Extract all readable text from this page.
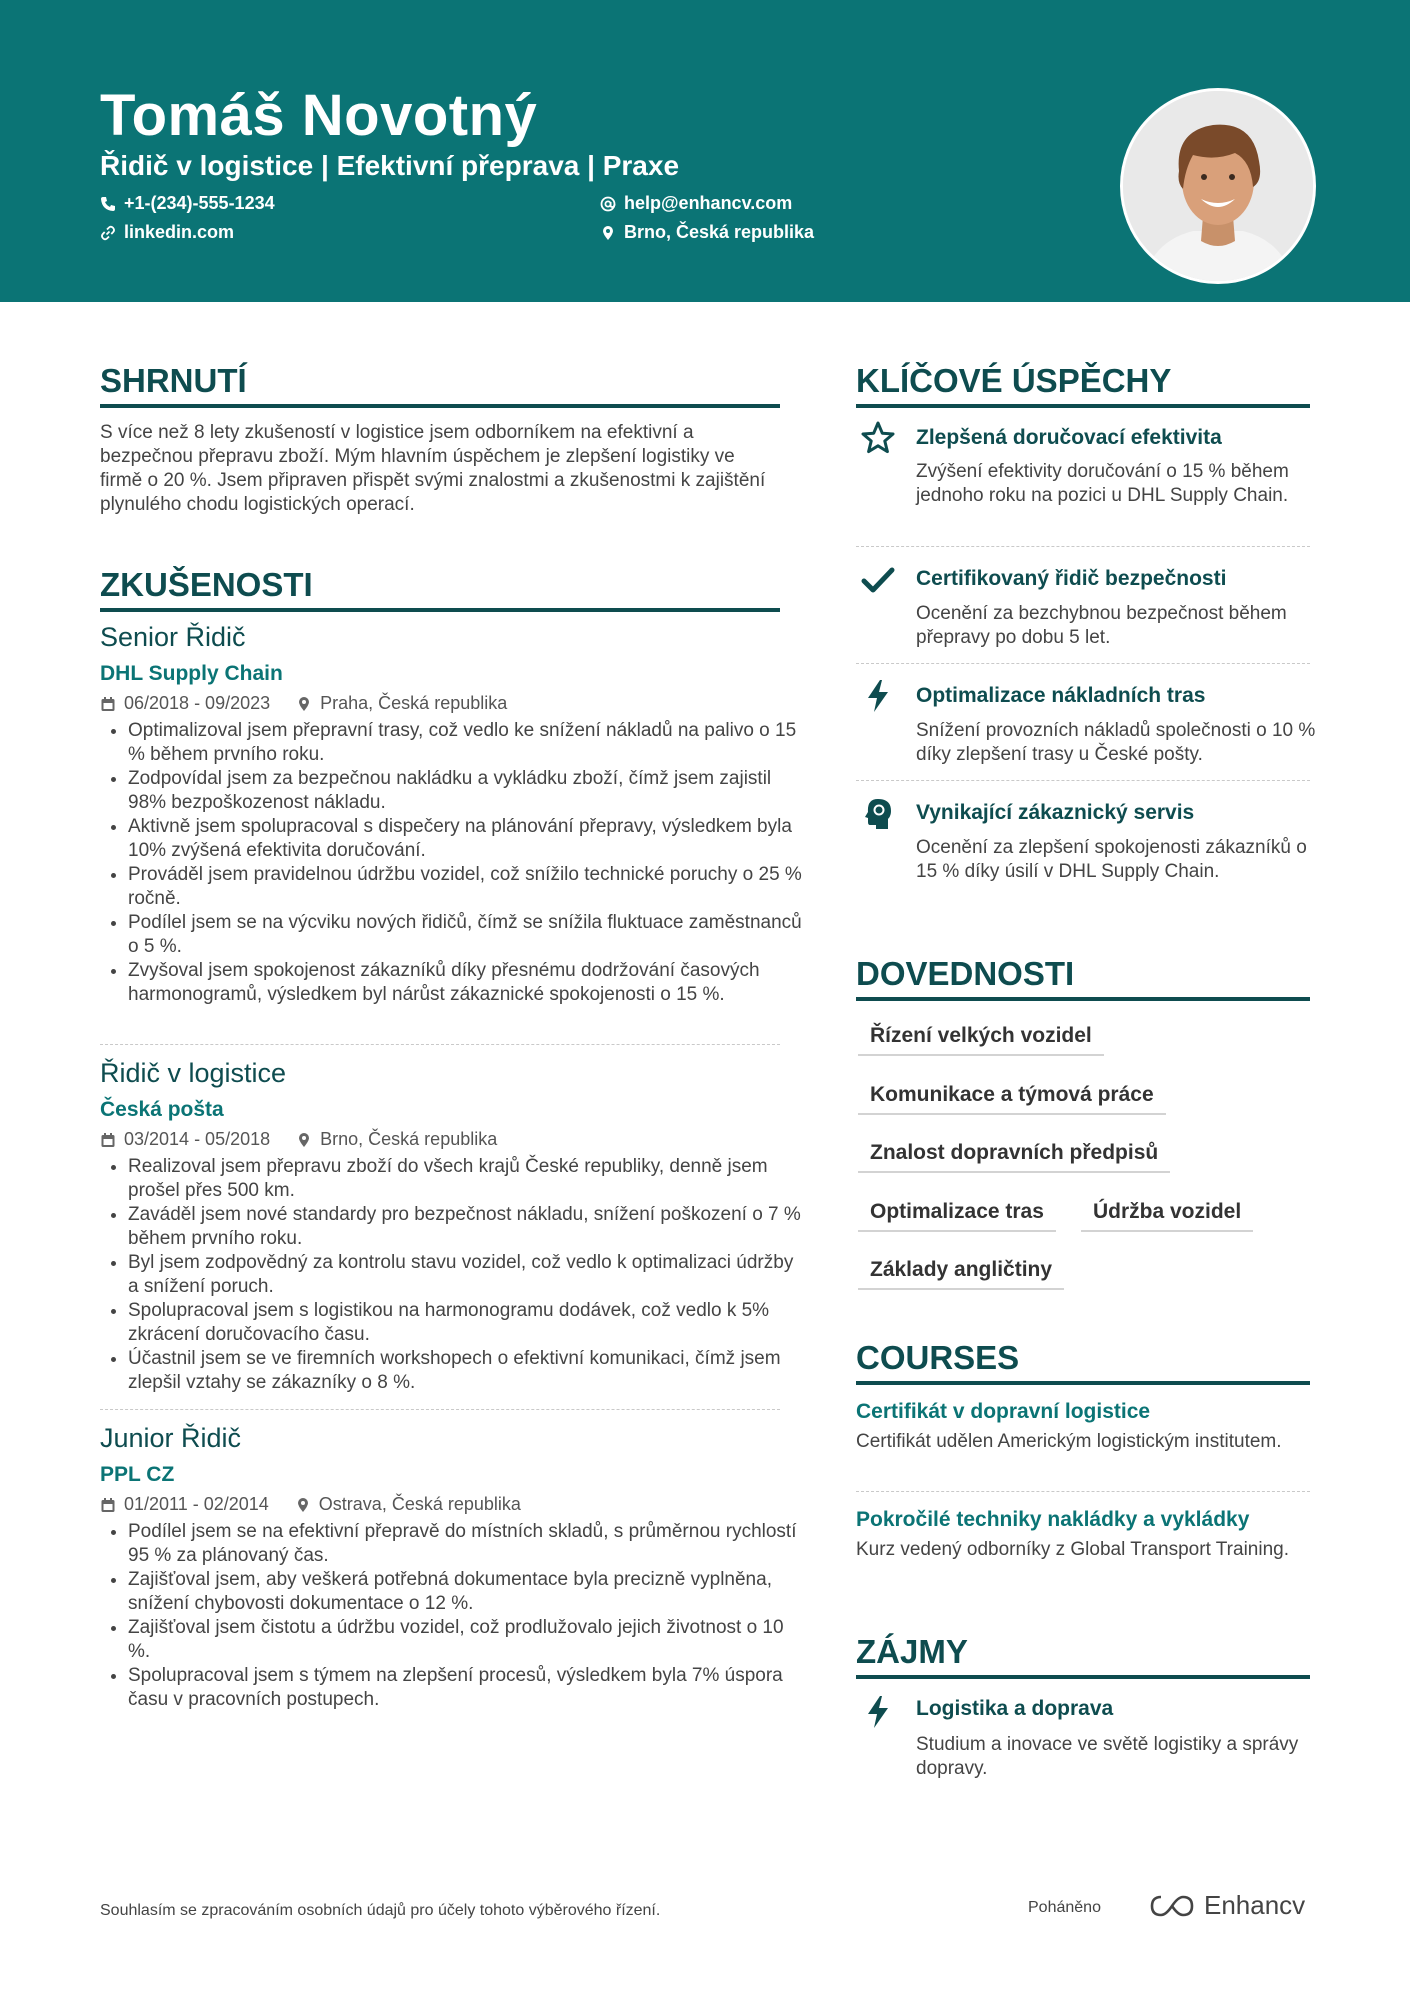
Tomáš Novotný
Řidič v logistice | Efektivní přeprava | Praxe
+1-(234)-555-1234	help@enhancv.com
linkedin.com	Brno, Česká republika
SHRNUTÍ
S více než 8 lety zkušeností v logistice jsem odborníkem na efektivní a bezpečnou přepravu zboží. Mým hlavním úspěchem je zlepšení logistiky ve firmě o 20 %. Jsem připraven přispět svými znalostmi a zkušenostmi k zajištění plynulého chodu logistických operací.
ZKUŠENOSTI
Senior Řidič
DHL Supply Chain
06/2018 - 09/2023	Praha, Česká republika
• Optimalizoval jsem přepravní trasy, což vedlo ke snížení nákladů na palivo o 15 % během prvního roku.
• Zodpovídal jsem za bezpečnou nakládku a vykládku zboží, čímž jsem zajistil 98% bezpoškozenost nákladu.
• Aktivně jsem spolupracoval s dispečery na plánování přepravy, výsledkem byla 10% zvýšená efektivita doručování.
• Prováděl jsem pravidelnou údržbu vozidel, což snížilo technické poruchy o 25 % ročně.
• Podílel jsem se na výcviku nových řidičů, čímž se snížila fluktuace zaměstnanců o 5 %.
• Zvyšoval jsem spokojenost zákazníků díky přesnému dodržování časových harmonogramů, výsledkem byl nárůst zákaznické spokojenosti o 15 %.
Řidič v logistice
Česká pošta
03/2014 - 05/2018	Brno, Česká republika
• Realizoval jsem přepravu zboží do všech krajů České republiky, denně jsem prošel přes 500 km.
• Zaváděl jsem nové standardy pro bezpečnost nákladu, snížení poškození o 7 % během prvního roku.
• Byl jsem zodpovědný za kontrolu stavu vozidel, což vedlo k optimalizaci údržby a snížení poruch.
• Spolupracoval jsem s logistikou na harmonogramu dodávek, což vedlo k 5% zkrácení doručovacího času.
• Účastnil jsem se ve firemních workshopech o efektivní komunikaci, čímž jsem zlepšil vztahy se zákazníky o 8 %.
Junior Řidič
PPL CZ
01/2011 - 02/2014	Ostrava, Česká republika
• Podílel jsem se na efektivní přepravě do místních skladů, s průměrnou rychlostí 95 % za plánovaný čas.
• Zajišťoval jsem, aby veškerá potřebná dokumentace byla precizně vyplněna, snížení chybovosti dokumentace o 12 %.
• Zajišťoval jsem čistotu a údržbu vozidel, což prodlužovalo jejich životnost o 10 %.
• Spolupracoval jsem s týmem na zlepšení procesů, výsledkem byla 7% úspora času v pracovních postupech.
KLÍČOVÉ ÚSPĚCHY
Zlepšená doručovací efektivita
Zvýšení efektivity doručování o 15 % během jednoho roku na pozici u DHL Supply Chain.
Certifikovaný řidič bezpečnosti
Ocenění za bezchybnou bezpečnost během přepravy po dobu 5 let.
Optimalizace nákladních tras
Snížení provozních nákladů společnosti o 10 % díky zlepšení trasy u České pošty.
Vynikající zákaznický servis
Ocenění za zlepšení spokojenosti zákazníků o 15 % díky úsilí v DHL Supply Chain.
DOVEDNOSTI
Řízení velkých vozidel
Komunikace a týmová práce
Znalost dopravních předpisů
Optimalizace tras	Údržba vozidel
Základy angličtiny
COURSES
Certifikát v dopravní logistice
Certifikát udělen Americkým logistickým institutem.
Pokročilé techniky nakládky a vykládky
Kurz vedený odborníky z Global Transport Training.
ZÁJMY
Logistika a doprava
Studium a inovace ve světě logistiky a správy dopravy.
Souhlasím se zpracováním osobních údajů pro účely tohoto výběrového řízení.	Poháněno	Enhancv
